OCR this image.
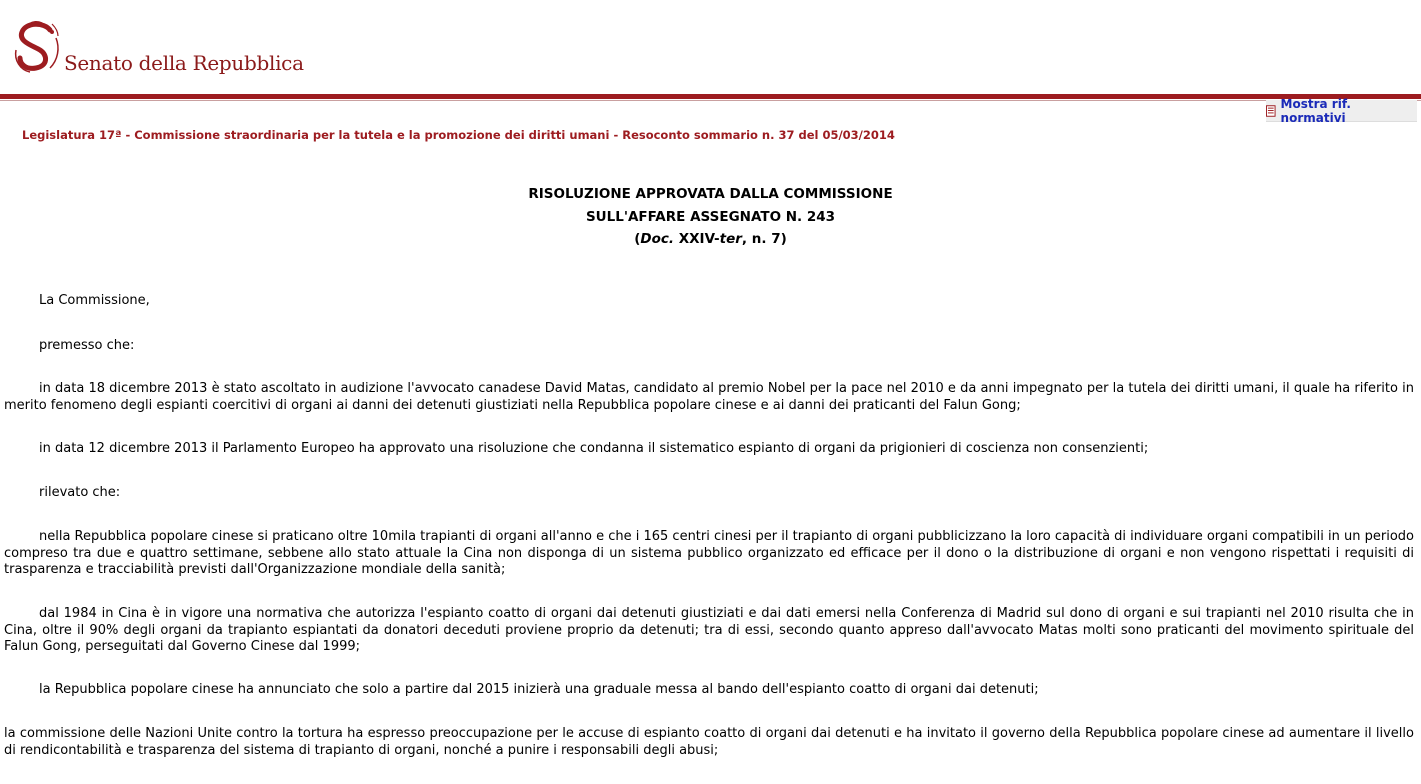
Senato della Repubblica
Mostra rif. normativi
Legislatura 17ª - Commissione straordinaria per la tutela e la promozione dei diritti umani - Resoconto sommario n. 37 del 05/03/2014
RISOLUZIONE APPROVATA DALLA COMMISSIONE
SULL'AFFARE ASSEGNATO N. 243
(Doc. XXIV-ter, n. 7)
La Commissione,
premesso che:
in data 18 dicembre 2013 è stato ascoltato in audizione l'avvocato canadese David Matas, candidato al premio Nobel per la pace nel 2010 e da anni impegnato per la tutela dei diritti umani, il quale ha riferito in merito fenomeno degli espianti coercitivi di organi ai danni dei detenuti giustiziati nella Repubblica popolare cinese e ai danni dei praticanti del Falun Gong;
in data 12 dicembre 2013 il Parlamento Europeo ha approvato una risoluzione che condanna il sistematico espianto di organi da prigionieri di coscienza non consenzienti;
rilevato che:
nella Repubblica popolare cinese si praticano oltre 10mila trapianti di organi all'anno e che i 165 centri cinesi per il trapianto di organi pubblicizzano la loro capacità di individuare organi compatibili in un periodo compreso tra due e quattro settimane, sebbene allo stato attuale la Cina non disponga di un sistema pubblico organizzato ed efficace per il dono o la distribuzione di organi e non vengono rispettati i requisiti di trasparenza e tracciabilità previsti dall'Organizzazione mondiale della sanità;
dal 1984 in Cina è in vigore una normativa che autorizza l'espianto coatto di organi dai detenuti giustiziati e dai dati emersi nella Conferenza di Madrid sul dono di organi e sui trapianti nel 2010 risulta che in Cina, oltre il 90% degli organi da trapianto espiantati da donatori deceduti proviene proprio da detenuti; tra di essi, secondo quanto appreso dall'avvocato Matas molti sono praticanti del movimento spirituale del Falun Gong, perseguitati dal Governo Cinese dal 1999;
la Repubblica popolare cinese ha annunciato che solo a partire dal 2015 inizierà una graduale messa al bando dell'espianto coatto di organi dai detenuti;
la commissione delle Nazioni Unite contro la tortura ha espresso preoccupazione per le accuse di espianto coatto di organi dai detenuti e ha invitato il governo della Repubblica popolare cinese ad aumentare il livello di rendicontabilità e trasparenza del sistema di trapianto di organi, nonché a punire i responsabili degli abusi;
